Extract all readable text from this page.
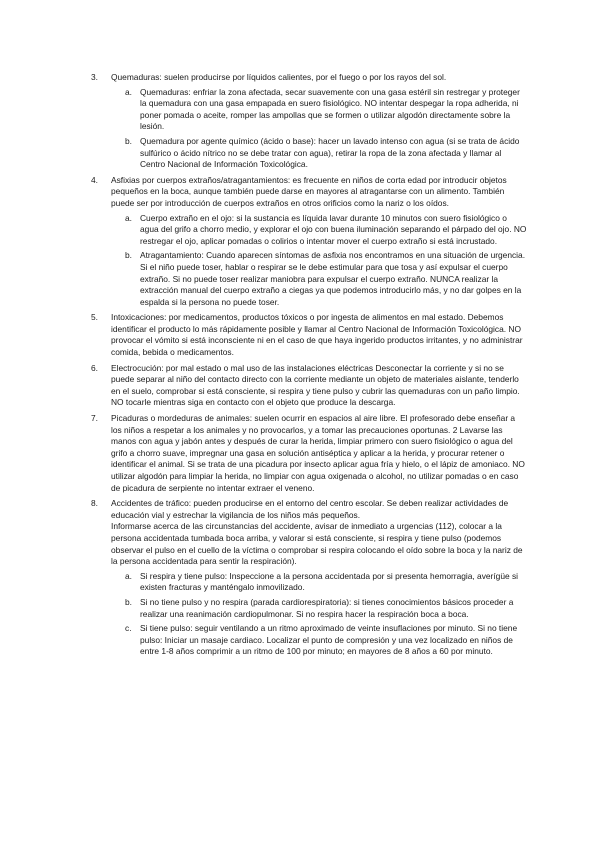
3. Quemaduras: suelen producirse por líquidos calientes, por el fuego o por los rayos del sol.
a. Quemaduras: enfriar la zona afectada, secar suavemente con una gasa estéril sin restregar y proteger la quemadura con una gasa empapada en suero fisiológico. NO intentar despegar la ropa adherida, ni poner pomada o aceite, romper las ampollas que se formen o utilizar algodón directamente sobre la lesión.
b. Quemadura por agente químico (ácido o base): hacer un lavado intenso con agua (si se trata de ácido sulfúrico o ácido nítrico no se debe tratar con agua), retirar la ropa de la zona afectada y llamar al Centro Nacional de Información Toxicológica.
4. Asfixias por cuerpos extraños/atragantamientos: es frecuente en niños de corta edad por introducir objetos pequeños en la boca, aunque también puede darse en mayores al atragantarse con un alimento. También puede ser por introducción de cuerpos extraños en otros orificios como la nariz o los oídos.
a. Cuerpo extraño en el ojo: si la sustancia es líquida lavar durante 10 minutos con suero fisiológico o agua del grifo a chorro medio, y explorar el ojo con buena iluminación separando el párpado del ojo. NO restregar el ojo, aplicar pomadas o colirios o intentar mover el cuerpo extraño si está incrustado.
b. Atragantamiento: Cuando aparecen síntomas de asfixia nos encontramos en una situación de urgencia. Si el niño puede toser, hablar o respirar se le debe estimular para que tosa y así expulsar el cuerpo extraño. Si no puede toser realizar maniobra para expulsar el cuerpo extraño. NUNCA realizar la extracción manual del cuerpo extraño a ciegas ya que podemos introducirlo más, y no dar golpes en la espalda si la persona no puede toser.
5. Intoxicaciones: por medicamentos, productos tóxicos o por ingesta de alimentos en mal estado. Debemos identificar el producto lo más rápidamente posible y llamar al Centro Nacional de Información Toxicológica. NO provocar el vómito si está inconsciente ni en el caso de que haya ingerido productos irritantes, y no administrar comida, bebida o medicamentos.
6. Electrocución: por mal estado o mal uso de las instalaciones eléctricas Desconectar la corriente y si no se puede separar al niño del contacto directo con la corriente mediante un objeto de materiales aislante, tenderlo en el suelo, comprobar si está consciente, si respira y tiene pulso y cubrir las quemaduras con un paño limpio. NO tocarle mientras siga en contacto con el objeto que produce la descarga.
7. Picaduras o mordeduras de animales: suelen ocurrir en espacios al aire libre. El profesorado debe enseñar a los niños a respetar a los animales y no provocarlos, y a tomar las precauciones oportunas. 2 Lavarse las manos con agua y jabón antes y después de curar la herida, limpiar primero con suero fisiológico o agua del grifo a chorro suave, impregnar una gasa en solución antiséptica y aplicar a la herida, y procurar retener o identificar el animal. Si se trata de una picadura por insecto aplicar agua fría y hielo, o el lápiz de amoniaco. NO utilizar algodón para limpiar la herida, no limpiar con agua oxigenada o alcohol, no utilizar pomadas o en caso de picadura de serpiente no intentar extraer el veneno.
8. Accidentes de tráfico: pueden producirse en el entorno del centro escolar. Se deben realizar actividades de educación vial y estrechar la vigilancia de los niños más pequeños.
Informarse acerca de las circunstancias del accidente, avisar de inmediato a urgencias (112), colocar a la persona accidentada tumbada boca arriba, y valorar si está consciente, si respira y tiene pulso (podemos observar el pulso en el cuello de la víctima o comprobar si respira colocando el oído sobre la boca y la nariz de la persona accidentada para sentir la respiración).
a. Si respira y tiene pulso: Inspeccione a la persona accidentada por si presenta hemorragia, averígüe si existen fracturas y manténgalo inmovilizado.
b. Si no tiene pulso y no respira (parada cardiorespiratoria): si tienes conocimientos básicos proceder a realizar una reanimación cardiopulmonar. Si no respira hacer la respiración boca a boca.
c. Si tiene pulso: seguir ventilando a un ritmo aproximado de veinte insuflaciones por minuto. Si no tiene pulso: Iniciar un masaje cardiaco. Localizar el punto de compresión y una vez localizado en niños de entre 1-8 años comprimir a un ritmo de 100 por minuto; en mayores de 8 años a 60 por minuto.
